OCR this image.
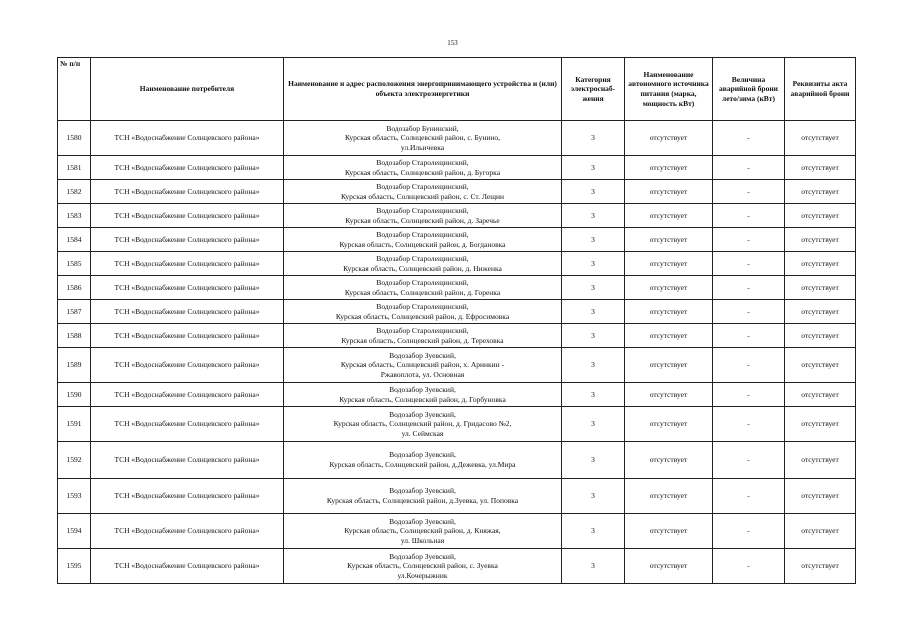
153
№ п/п	Наименование потребителя	Наименование и адрес расположения энергопринимающего устройства и (или) объекта электроэнергетики	Категория электроснаб-жения	Наименование автономного источника питания (марка, мощность кВт)	Величина аварийной брони лето/зима (кВт)	Реквизиты акта аварийной брони
1580	ТСН «Водоснабжение Солнцевского района»	Водозабор Бунинский,
Курская область, Солнцевский район, с. Бунино,
ул.Ильичевка	3	отсутствует	-	отсутствует
1581	ТСН «Водоснабжение Солнцевского района»	Водозабор Старолещинский,
Курская область, Солнцевский район, д. Бугорка	3	отсутствует	-	отсутствует
1582	ТСН «Водоснабжение Солнцевского района»	Водозабор Старолещинский,
Курская область, Солнцевский район, с. Ст. Лещин	3	отсутствует	-	отсутствует
1583	ТСН «Водоснабжение Солнцевского района»	Водозабор Старолещинский,
Курская область, Солнцевский район, д. Заречье	3	отсутствует	-	отсутствует
1584	ТСН «Водоснабжение Солнцевского района»	Водозабор Старолещинский,
Курская область, Солнцевский район, д. Богдановка	3	отсутствует	-	отсутствует
1585	ТСН «Водоснабжение Солнцевского района»	Водозабор Старолещинский,
Курская область, Солнцевский район, д. Ниженка	3	отсутствует	-	отсутствует
1586	ТСН «Водоснабжение Солнцевского района»	Водозабор Старолещинский,
Курская область, Солнцевский район, д. Горенка	3	отсутствует	-	отсутствует
1587	ТСН «Водоснабжение Солнцевского района»	Водозабор Старолещинский,
Курская область, Солнцевский район, д. Ефросимовка	3	отсутствует	-	отсутствует
1588	ТСН «Водоснабжение Солнцевского района»	Водозабор Старолещинский,
Курская область, Солнцевский район, д. Тереховка	3	отсутствует	-	отсутствует
1589	ТСН «Водоснабжение Солнцевского района»	Водозабор Зуевский,
Курская область, Солнцевский район, х. Аринкин -
Ржавоплота, ул. Основная	3	отсутствует	-	отсутствует
1590	ТСН «Водоснабжение Солнцевского района»	Водозабор Зуевский,
Курская область, Солнцевский район, д. Горбуновка	3	отсутствует	-	отсутствует
1591	ТСН «Водоснабжение Солнцевского района»	Водозабор Зуевский,
Курская область, Солнцевский район, д. Гридасово №2,
ул. Сеймская	3	отсутствует	-	отсутствует
1592	ТСН «Водоснабжение Солнцевского района»	Водозабор Зуевский,
Курская область, Солнцевский район, д.Дежевка, ул.Мира	3	отсутствует	-	отсутствует
1593	ТСН «Водоснабжение Солнцевского района»	Водозабор Зуевский,
Курская область, Солнцевский район, д.Зуевка, ул. Поповка	3	отсутствует	-	отсутствует
1594	ТСН «Водоснабжение Солнцевского района»	Водозабор Зуевский,
Курская область, Солнцевский район, д. Княжая,
ул. Школьная	3	отсутствует	-	отсутствует
1595	ТСН «Водоснабжение Солнцевского района»	Водозабор Зуевский,
Курская область, Солнцевский район, с. Зуевка
ул.Кочерыжник	3	отсутствует	-	отсутствует
